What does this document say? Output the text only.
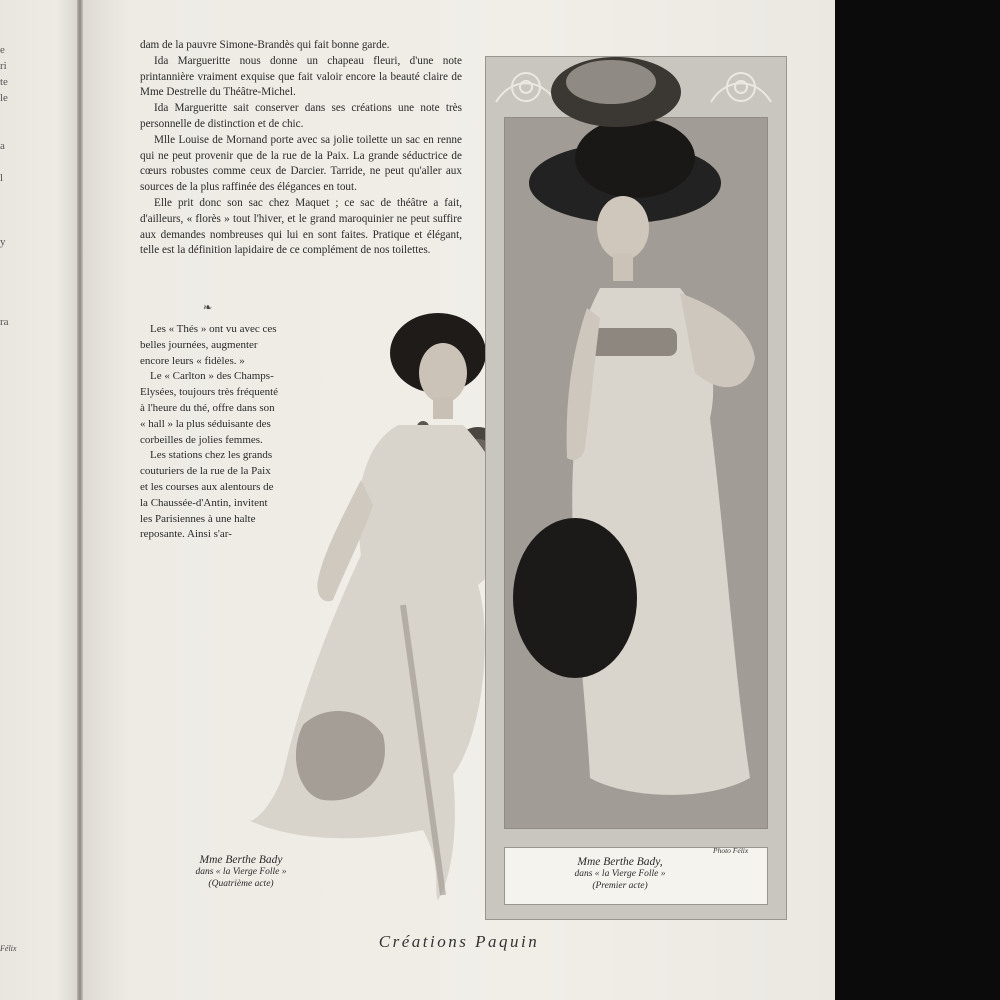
e
ri
te
le
a
l
y
ra
Félix

dam de la pauvre Simone-Brandès qui fait bonne garde.

Ida Margueritte nous donne un chapeau fleuri, d'une note printannière vraiment exquise que fait valoir encore la beauté claire de Mme Destrelle du Théâtre-Michel.

Ida Margueritte sait conserver dans ses créations une note très personnelle de distinction et de chic.

Mlle Louise de Mornand porte avec sa jolie toilette un sac en renne qui ne peut provenir que de la rue de la Paix. La grande séductrice de cœurs robustes comme ceux de Darcier. Tarride, ne peut qu'aller aux sources de la plus raffinée des élégances en tout.

Elle prit donc son sac chez Maquet ; ce sac de théâtre a fait, d'ailleurs, « florès » tout l'hiver, et le grand maroquinier ne peut suffire aux demandes nombreuses qui lui en sont faites. Pratique et élégant, telle est la définition lapidaire de ce complément de nos toilettes.

❧

Les « Thés » ont vu avec ces belles journées, augmenter encore leurs « fidèles. »

Le « Carlton » des Champs-Elysées, toujours très fréquenté à l'heure du thé, offre dans son « hall » la plus séduisante des corbeilles de jolies femmes.

Les stations chez les grands couturiers de la rue de la Paix et les courses aux alentours de la Chaussée-d'Antin, invitent les Parisiennes à une halte reposante. Ainsi s'ar-

Mme Berthe Bady
dans « la Vierge Folle »
(Quatrième acte)
Mme Berthe Bady,
dans « la Vierge Folle »
(Premier acte)
Photo Félix
Créations Paquin
